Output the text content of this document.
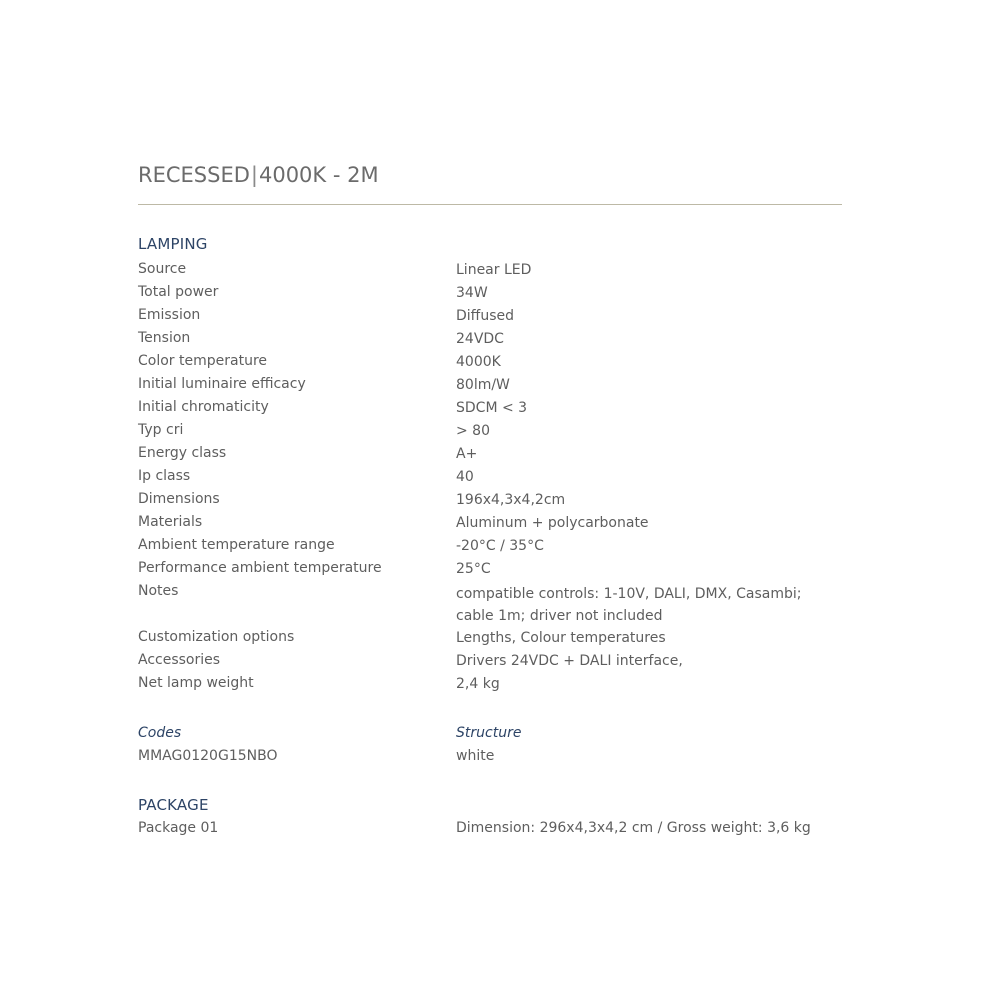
RECESSED|4000K - 2M
LAMPING
Source	Linear LED
Total power	34W
Emission	Diffused
Tension	24VDC
Color temperature	4000K
Initial luminaire efficacy	80lm/W
Initial chromaticity	SDCM < 3
Typ cri	> 80
Energy class	A+
Ip class	40
Dimensions	196x4,3x4,2cm
Materials	Aluminum + polycarbonate
Ambient temperature range	-20°C / 35°C
Performance ambient temperature	25°C
Notes	compatible controls: 1-10V, DALI, DMX, Casambi; cable 1m; driver not included
Customization options	Lengths, Colour temperatures
Accessories	Drivers 24VDC + DALI interface,
Net lamp weight	2,4 kg
Codes	Structure
MMAG0120G15NBO	white
PACKAGE
Package 01	Dimension: 296x4,3x4,2 cm / Gross weight: 3,6 kg
